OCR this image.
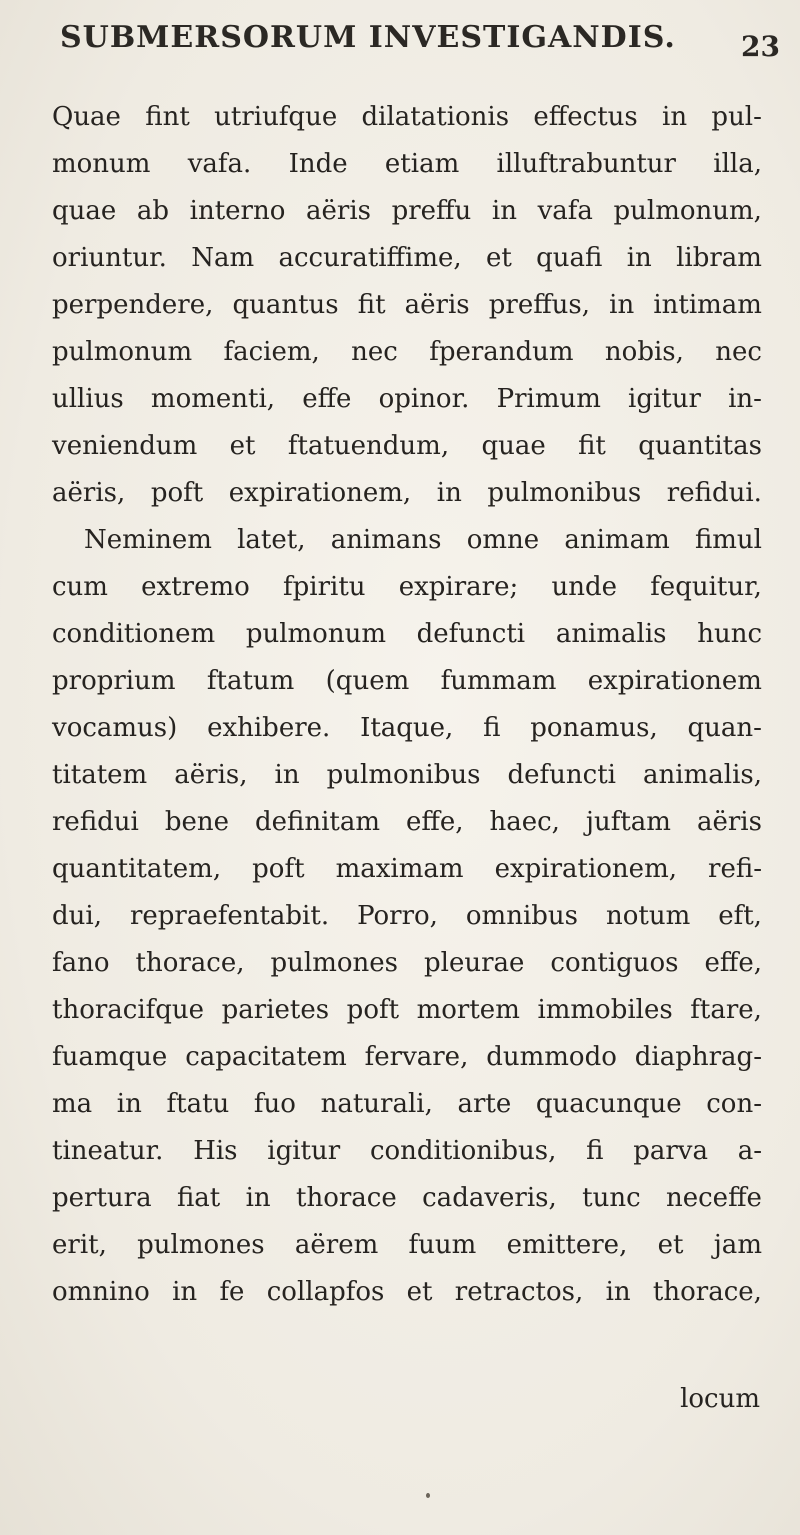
SUBMERSORUM INVESTIGANDIS. 23
Quae fint utriufque dilatationis effectus in pul-
monum vafa. Inde etiam illuftrabuntur illa,
quae ab interno aëris preffu in vafa pulmonum,
oriuntur. Nam accuratiffime, et quafi in libram
perpendere, quantus fit aëris preffus, in intimam
pulmonum faciem, nec fperandum nobis, nec
ullius momenti, effe opinor. Primum igitur in-
veniendum et ftatuendum, quae fit quantitas
aëris, poft expirationem, in pulmonibus refidui.
Neminem latet, animans omne animam fimul
cum extremo fpiritu expirare; unde fequitur,
conditionem pulmonum defuncti animalis hunc
proprium ftatum (quem fummam expirationem
vocamus) exhibere. Itaque, fi ponamus, quan-
titatem aëris, in pulmonibus defuncti animalis,
refidui bene definitam effe, haec, juftam aëris
quantitatem, poft maximam expirationem, refi-
dui, repraefentabit. Porro, omnibus notum eft,
fano thorace, pulmones pleurae contiguos effe,
thoracifque parietes poft mortem immobiles ftare,
fuamque capacitatem fervare, dummodo diaphrag-
ma in ftatu fuo naturali, arte quacunque con-
tineatur. His igitur conditionibus, fi parva a-
pertura fiat in thorace cadaveris, tunc neceffe
erit, pulmones aërem fuum emittere, et jam
omnino in fe collapfos et retractos, in thorace,
locum
